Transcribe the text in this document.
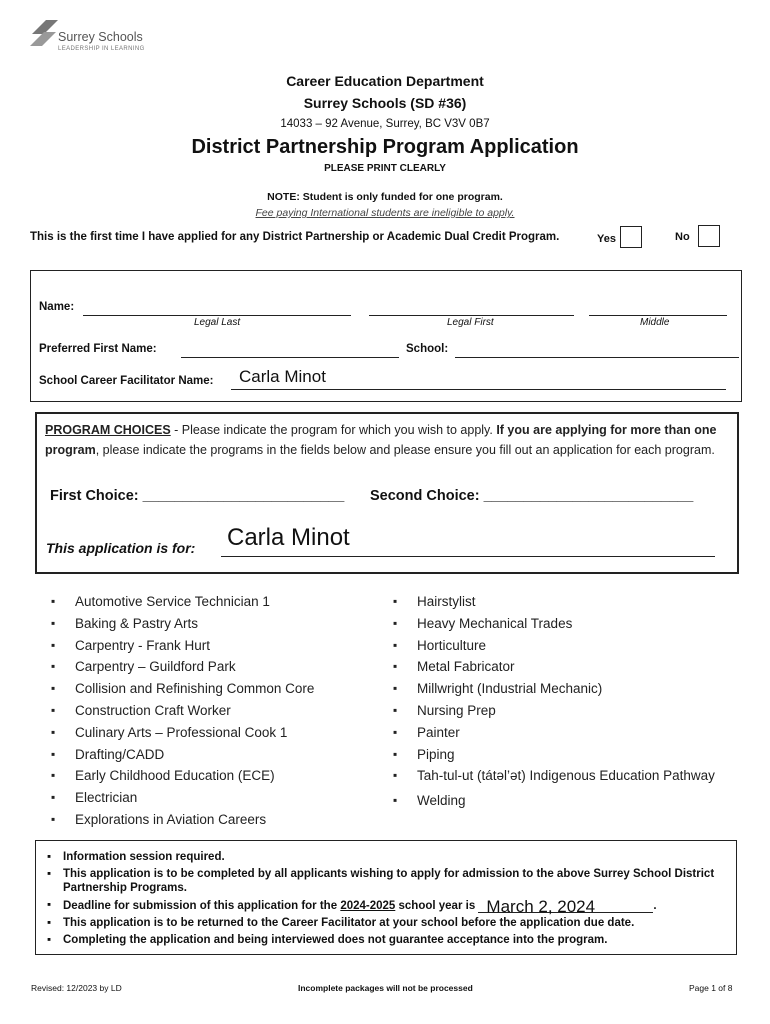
Surrey Schools
LEADERSHIP IN LEARNING
Career Education Department
Surrey Schools (SD #36)
14033 – 92 Avenue, Surrey, BC V3V 0B7
District Partnership Program Application
PLEASE PRINT CLEARLY
NOTE: Student is only funded for one program.
Fee paying International students are ineligible to apply.
This is the first time I have applied for any District Partnership or Academic Dual Credit Program.	Yes	No
Name:
Legal Last	Legal First	Middle
Preferred First Name:	School:
School Career Facilitator Name: Carla Minot
PROGRAM CHOICES - Please indicate the program for which you wish to apply. If you are applying for more than one program, please indicate the programs in the fields below and please ensure you fill out an application for each program.
First Choice: _________________________ Second Choice: __________________________
This application is for: Carla Minot
▪ Automotive Service Technician 1
▪ Baking & Pastry Arts
▪ Carpentry - Frank Hurt
▪ Carpentry – Guildford Park
▪ Collision and Refinishing Common Core
▪ Construction Craft Worker
▪ Culinary Arts – Professional Cook 1
▪ Drafting/CADD
▪ Early Childhood Education (ECE)
▪ Electrician
▪ Explorations in Aviation Careers
▪ Hairstylist
▪ Heavy Mechanical Trades
▪ Horticulture
▪ Metal Fabricator
▪ Millwright (Industrial Mechanic)
▪ Nursing Prep
▪ Painter
▪ Piping
▪ Tah-tul-ut (tátəl’ət) Indigenous Education Pathway
▪ Welding
▪ Information session required.
▪ This application is to be completed by all applicants wishing to apply for admission to the above Surrey School District Partnership Programs.
▪ Deadline for submission of this application for the 2024-2025 school year is March 2, 2024	.
▪ This application is to be returned to the Career Facilitator at your school before the application due date.
▪ Completing the application and being interviewed does not guarantee acceptance into the program.
Revised: 12/2023 by LD	Incomplete packages will not be processed	Page 1 of 8
